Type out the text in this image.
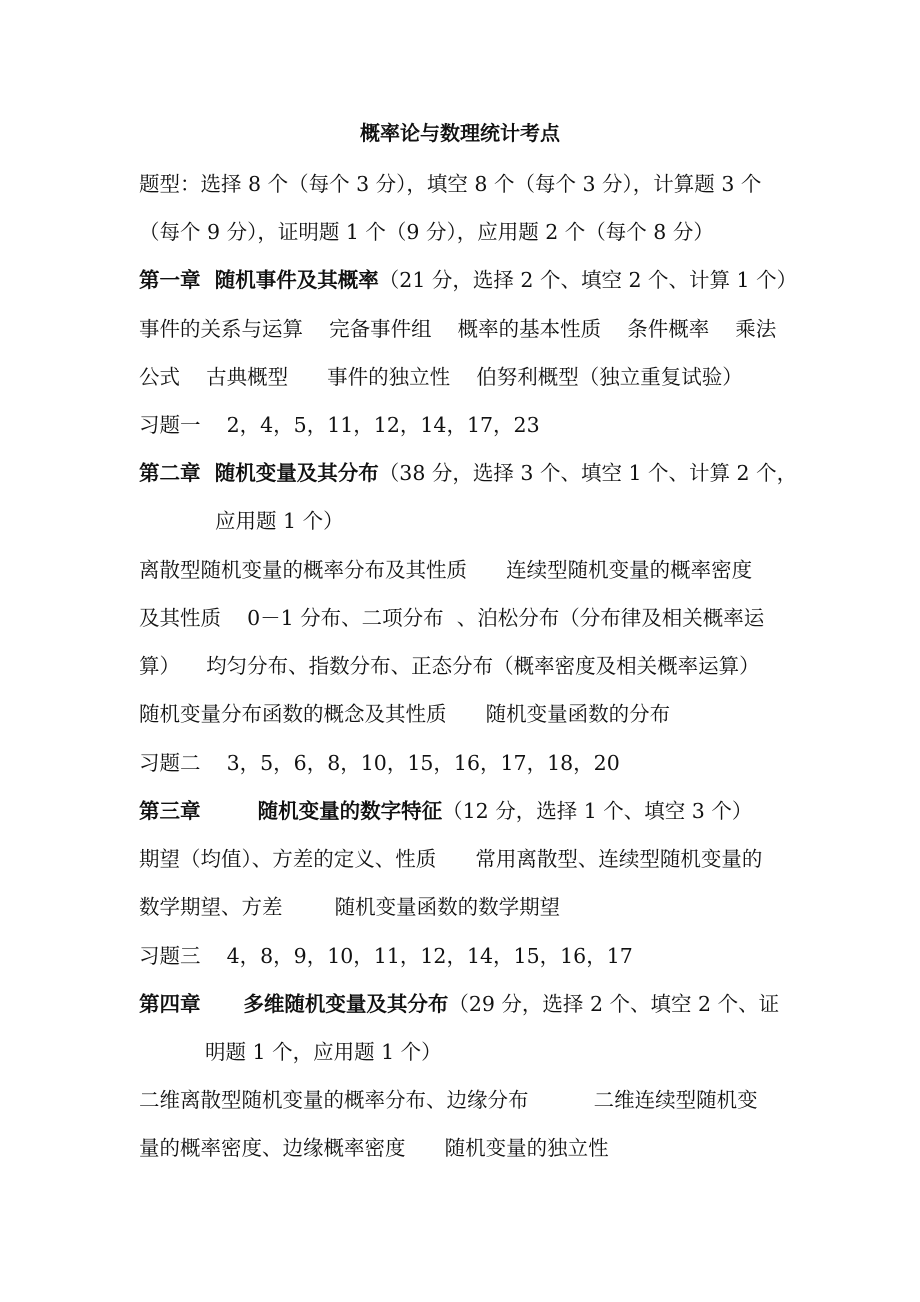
概率论与数理统计考点
题型：选择 8 个（每个 3 分），填空 8 个（每个 3 分），计算题 3 个
（每个 9 分），证明题 1 个（9 分），应用题 2 个（每个 8 分）
第一章  随机事件及其概率（21 分，选择 2 个、填空 2 个、计算 1 个）
事件的关系与运算    完备事件组    概率的基本性质    条件概率    乘法
公式    古典概型      事件的独立性    伯努利概型（独立重复试验）
习题一    2，4，5，11，12，14，17，23
第二章  随机变量及其分布（38 分，选择 3 个、填空 1 个、计算 2 个，
应用题 1 个）
离散型随机变量的概率分布及其性质      连续型随机变量的概率密度
及其性质    0－1 分布、二项分布  、泊松分布（分布律及相关概率运
算）    均匀分布、指数分布、正态分布（概率密度及相关概率运算）
随机变量分布函数的概念及其性质      随机变量函数的分布
习题二    3，5，6，8，10，15，16，17，18，20
第三章        随机变量的数字特征（12 分，选择 1 个、填空 3 个）
期望（均值）、方差的定义、性质      常用离散型、连续型随机变量的
数学期望、方差        随机变量函数的数学期望
习题三    4，8，9，10，11，12，14，15，16，17
第四章      多维随机变量及其分布（29 分，选择 2 个、填空 2 个、证
明题 1 个，应用题 1 个）
二维离散型随机变量的概率分布、边缘分布          二维连续型随机变
量的概率密度、边缘概率密度      随机变量的独立性
